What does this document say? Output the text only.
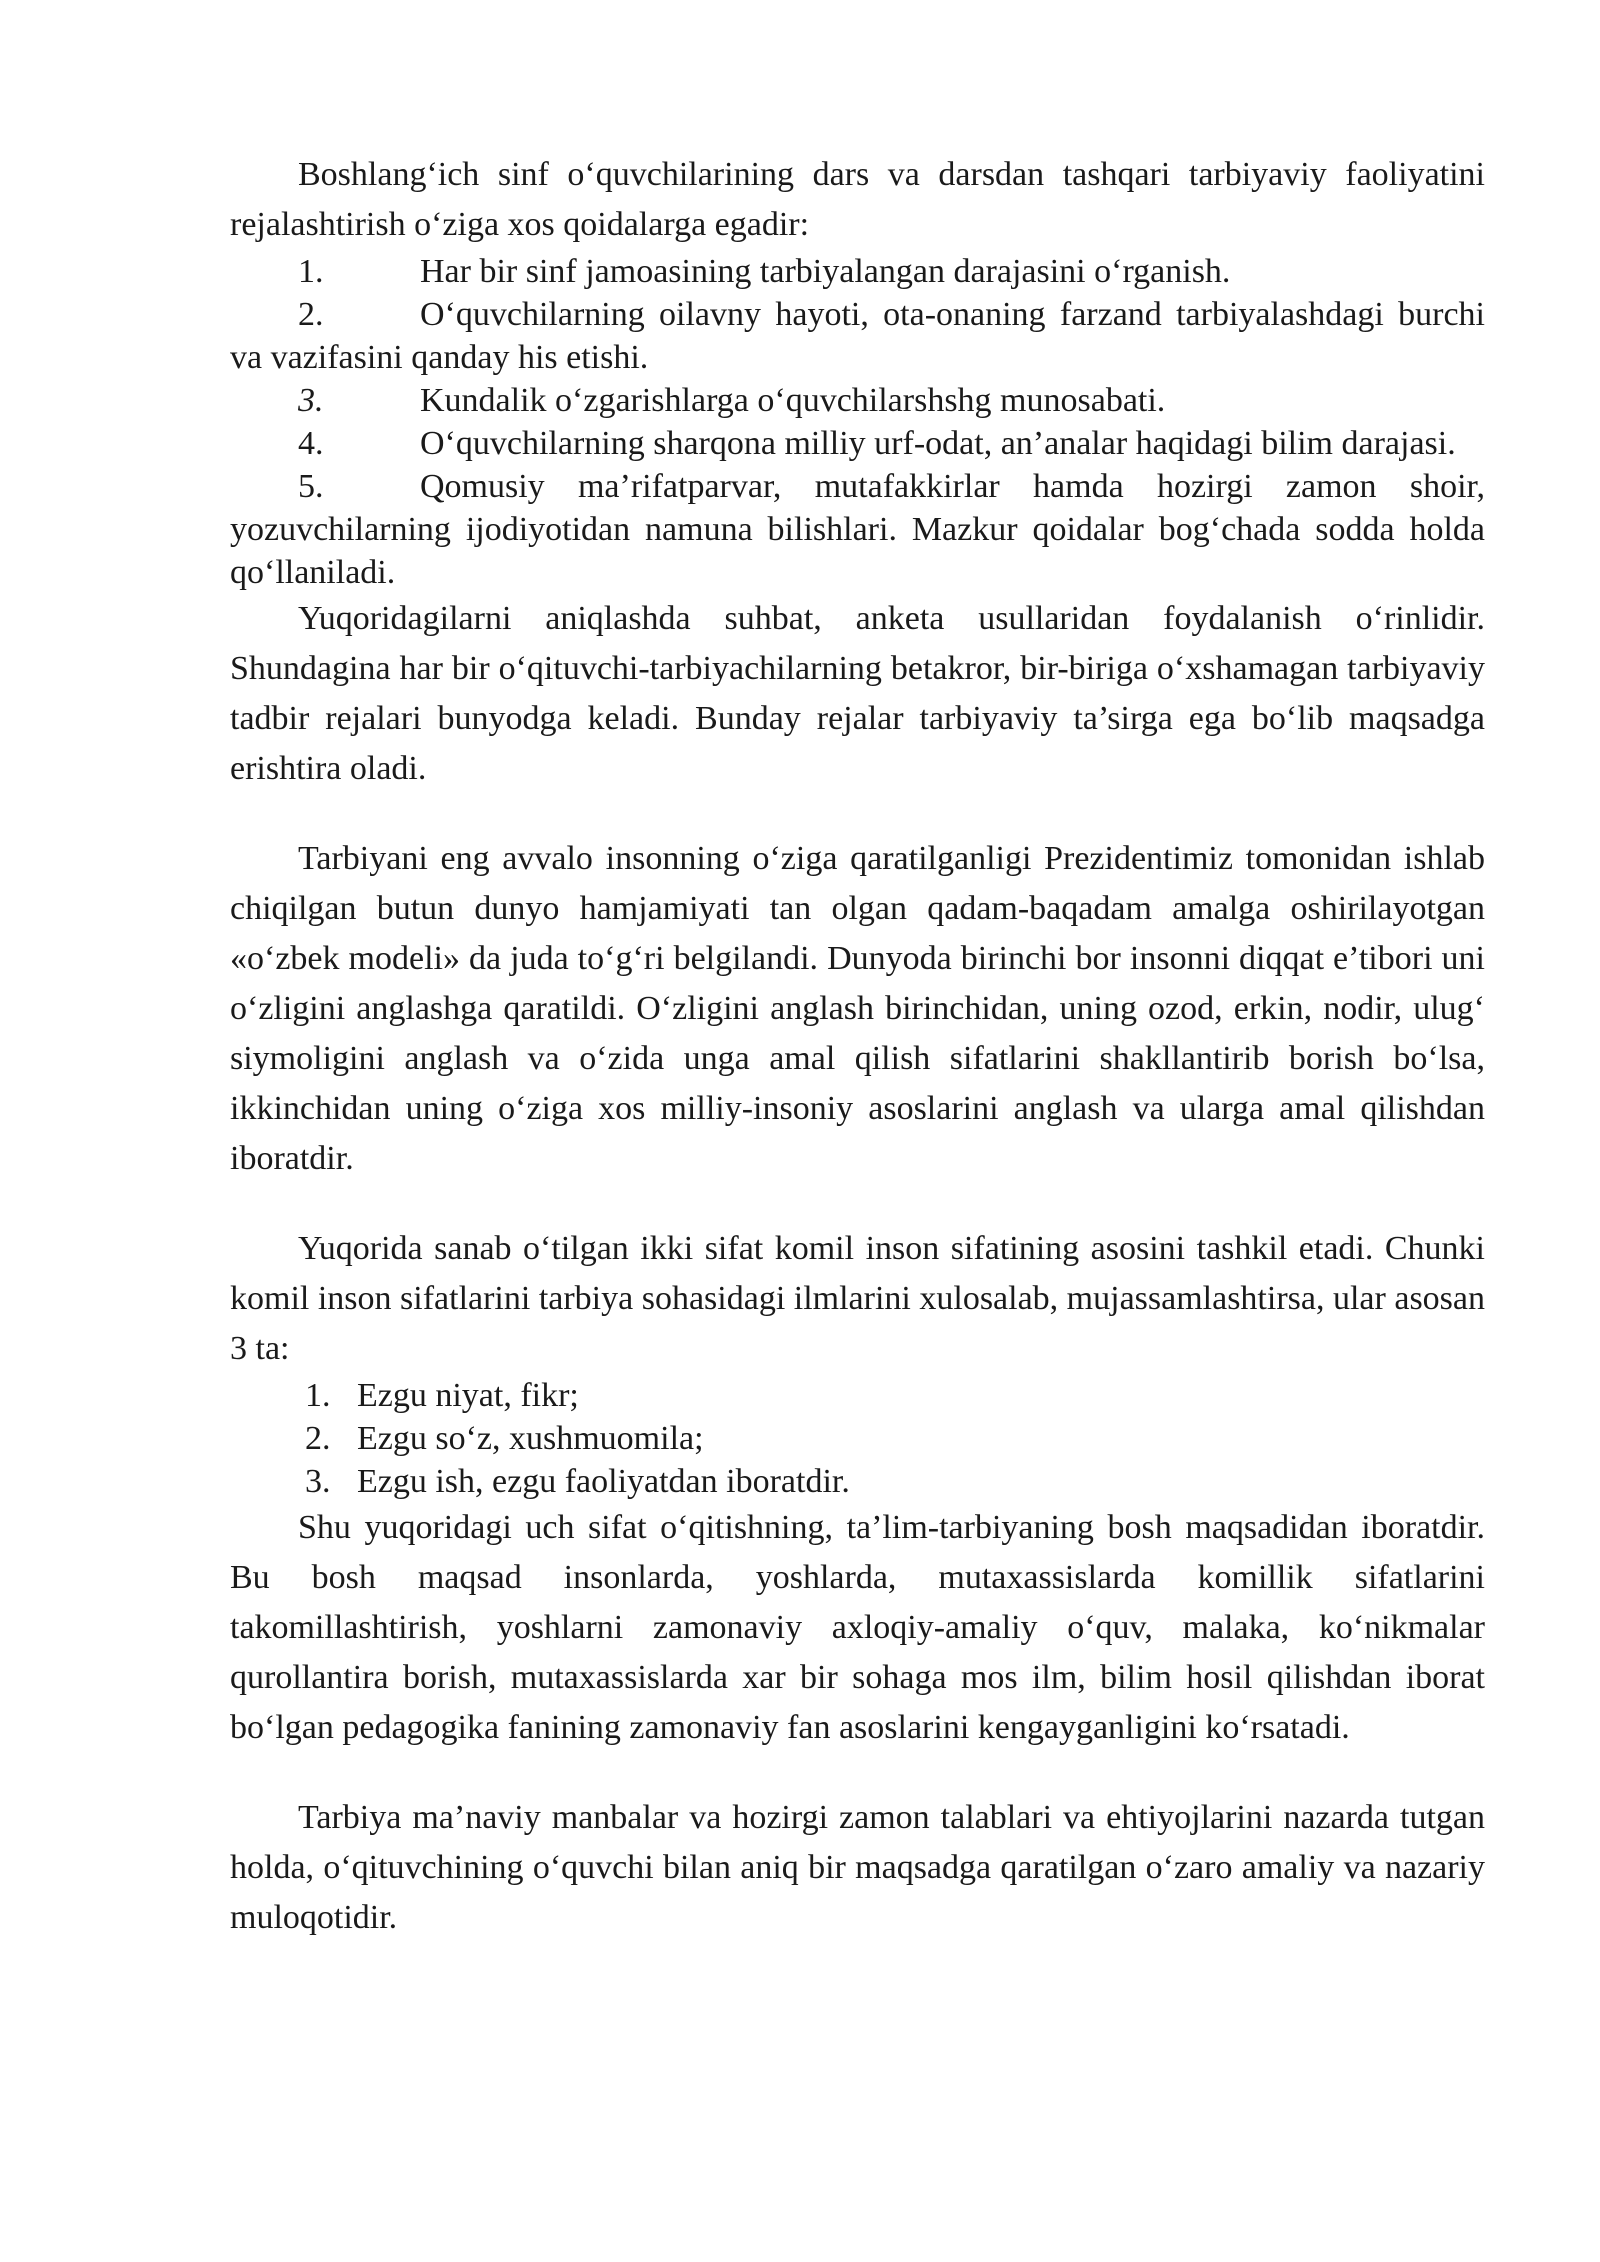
Boshlang‘ich sinf o‘quvchilarining dars va darsdan tashqari tarbiyaviy faoliyatini rejalashtirish o‘ziga xos qoidalarga egadir:

1.	Har bir sinf jamoasining tarbiyalangan darajasini o‘rganish.
2.	O‘quvchilarning oilavny hayoti, ota-onaning farzand tarbiyalashdagi burchi va vazifasini qanday his etishi.
3.	Kundalik o‘zgarishlarga o‘quvchilarshshg munosabati.
4.	O‘quvchilarning sharqona milliy urf-odat, an’analar haqidagi bilim darajasi.
5.	Qomusiy ma’rifatparvar, mutafakkirlar hamda hozirgi zamon shoir, yozuvchilarning ijodiyotidan namuna bilishlari. Mazkur qoidalar bog‘chada sodda holda qo‘llaniladi.

Yuqoridagilarni aniqlashda suhbat, anketa usullaridan foydalanish o‘rinlidir. Shundagina har bir o‘qituvchi-tarbiyachilarning betakror, bir-biriga o‘xshamagan tarbiyaviy tadbir rejalari bunyodga keladi. Bunday rejalar tarbiyaviy ta’sirga ega bo‘lib maqsadga erishtira oladi.

Tarbiyani eng avvalo insonning o‘ziga qaratilganligi Prezidentimiz tomonidan ishlab chiqilgan butun dunyo hamjamiyati tan olgan qadam-baqadam amalga oshirilayotgan «o‘zbek modeli» da juda to‘g‘ri belgilandi. Dunyoda birinchi bor insonni diqqat e’tibori uni o‘zligini anglashga qaratildi. O‘zligini anglash birinchidan, uning ozod, erkin, nodir, ulug‘ siymoligini anglash va o‘zida unga amal qilish sifatlarini shakllantirib borish bo‘lsa, ikkinchidan uning o‘ziga xos milliy-insoniy asoslarini anglash va ularga amal qilishdan iboratdir.

Yuqorida sanab o‘tilgan ikki sifat komil inson sifatining asosini tashkil etadi. Chunki komil inson sifatlarini tarbiya sohasidagi ilmlarini xulosalab, mujassamlashtirsa, ular asosan 3 ta:

1. Ezgu niyat, fikr;
2. Ezgu so‘z, xushmuomila;
3. Ezgu ish, ezgu faoliyatdan iboratdir.

Shu yuqoridagi uch sifat o‘qitishning, ta’lim-tarbiyaning bosh maqsadidan iboratdir. Bu bosh maqsad insonlarda, yoshlarda, mutaxassislarda komillik sifatlarini takomillashtirish, yoshlarni zamonaviy axloqiy-amaliy o‘quv, malaka, ko‘nikmalar qurollantira borish, mutaxassislarda xar bir sohaga mos ilm, bilim hosil qilishdan iborat bo‘lgan pedagogika fanining zamonaviy fan asoslarini kengayganligini ko‘rsatadi.

Tarbiya ma’naviy manbalar va hozirgi zamon talablari va ehtiyojlarini nazarda tutgan holda, o‘qituvchining o‘quvchi bilan aniq bir maqsadga qaratilgan o‘zaro amaliy va nazariy muloqotidir.
